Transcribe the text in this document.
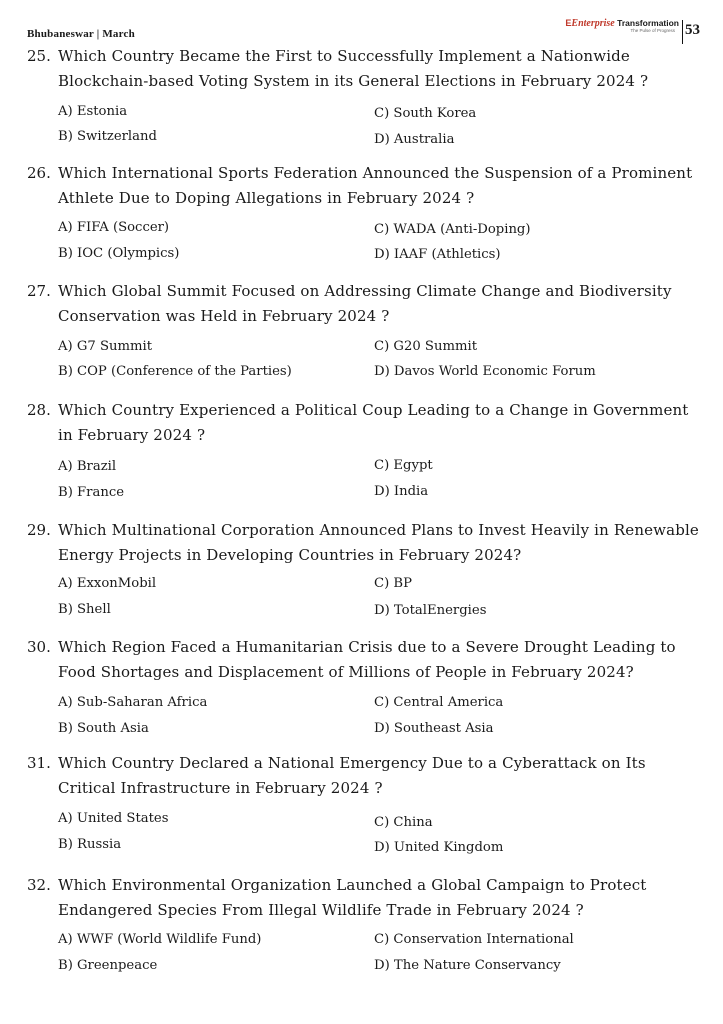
Bhubaneswar | March
EEnterprise Transformation
The Pulse of Progress 53
25. Which Country Became the First to Successfully Implement a Nationwide Blockchain-based Voting System in its General Elections in February 2024 ?
A) Estonia
B) Switzerland
C) South Korea
D) Australia
26. Which International Sports Federation Announced the Suspension of a Prominent Athlete Due to Doping Allegations in February 2024 ?
A) FIFA (Soccer)
B) IOC (Olympics)
C) WADA (Anti-Doping)
D) IAAF (Athletics)
27. Which Global Summit Focused on Addressing Climate Change and Biodiversity Conservation was Held in February 2024 ?
A) G7 Summit
B) COP (Conference of the Parties)
C) G20 Summit
D) Davos World Economic Forum
28. Which Country Experienced a Political Coup Leading to a Change in Government in February 2024 ?
A) Brazil
B) France
C) Egypt
D) India
29. Which Multinational Corporation Announced Plans to Invest Heavily in Renewable Energy Projects in Developing Countries in February 2024?
A) ExxonMobil
B) Shell
C) BP
D) TotalEnergies
30. Which Region Faced a Humanitarian Crisis due to a Severe Drought Leading to Food Shortages and Displacement of Millions of People in February 2024?
A) Sub-Saharan Africa
B) South Asia
C) Central America
D) Southeast Asia
31. Which Country Declared a National Emergency Due to a Cyberattack on Its Critical Infrastructure in February 2024 ?
A) United States
B) Russia
C) China
D) United Kingdom
32. Which Environmental Organization Launched a Global Campaign to Protect Endangered Species From Illegal Wildlife Trade in February 2024 ?
A) WWF (World Wildlife Fund)
B) Greenpeace
C) Conservation International
D) The Nature Conservancy
